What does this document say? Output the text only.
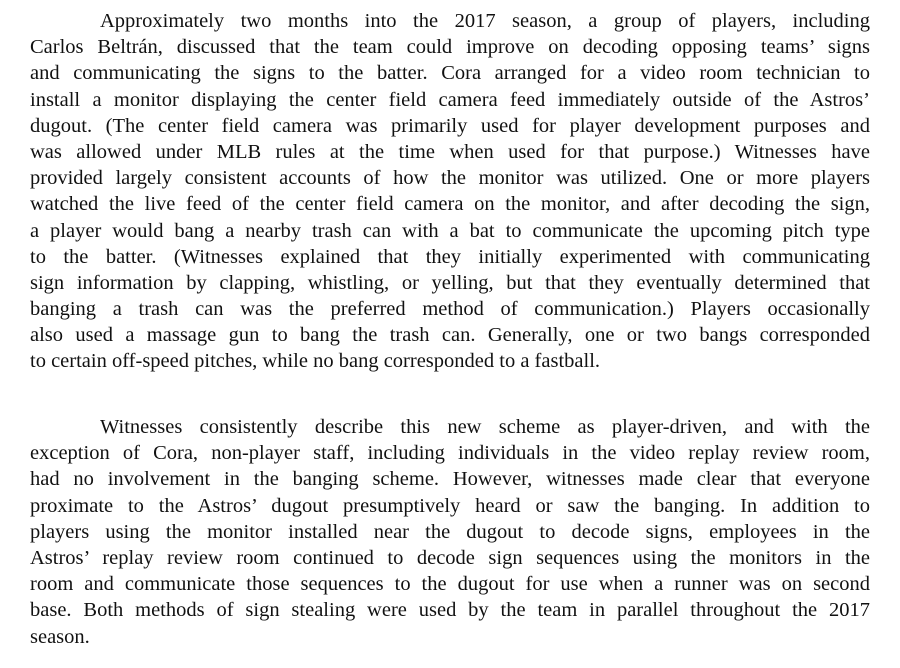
Approximately two months into the 2017 season, a group of players, including
Carlos Beltrán, discussed that the team could improve on decoding opposing teams’ signs
and communicating the signs to the batter. Cora arranged for a video room technician to
install a monitor displaying the center field camera feed immediately outside of the Astros’
dugout. (The center field camera was primarily used for player development purposes and
was allowed under MLB rules at the time when used for that purpose.) Witnesses have
provided largely consistent accounts of how the monitor was utilized. One or more players
watched the live feed of the center field camera on the monitor, and after decoding the sign,
a player would bang a nearby trash can with a bat to communicate the upcoming pitch type
to the batter. (Witnesses explained that they initially experimented with communicating
sign information by clapping, whistling, or yelling, but that they eventually determined that
banging a trash can was the preferred method of communication.) Players occasionally
also used a massage gun to bang the trash can. Generally, one or two bangs corresponded
to certain off-speed pitches, while no bang corresponded to a fastball.

Witnesses consistently describe this new scheme as player-driven, and with the
exception of Cora, non-player staff, including individuals in the video replay review room,
had no involvement in the banging scheme. However, witnesses made clear that everyone
proximate to the Astros’ dugout presumptively heard or saw the banging. In addition to
players using the monitor installed near the dugout to decode signs, employees in the
Astros’ replay review room continued to decode sign sequences using the monitors in the
room and communicate those sequences to the dugout for use when a runner was on second
base. Both methods of sign stealing were used by the team in parallel throughout the 2017
season.
